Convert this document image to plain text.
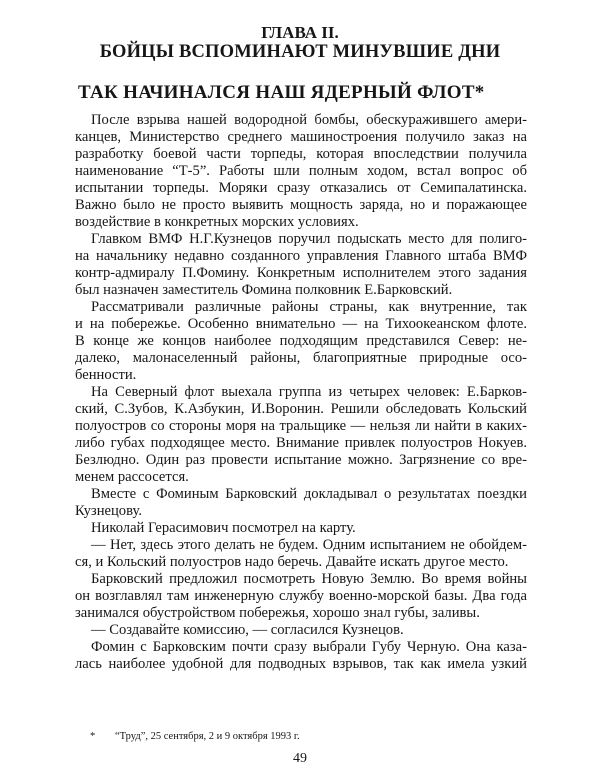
ГЛАВА II.
БОЙЦЫ ВСПОМИНАЮТ МИНУВШИЕ ДНИ
ТАК НАЧИНАЛСЯ НАШ ЯДЕРНЫЙ ФЛОТ*
После взрыва нашей водородной бомбы, обескуражившего амери-
канцев, Министерство среднего машиностроения получило заказ на
разработку боевой части торпеды, которая впоследствии получила
наименование “Т-5”. Работы шли полным ходом, встал вопрос об
испытании торпеды. Моряки сразу отказались от Семипалатинска.
Важно было не просто выявить мощность заряда, но и поражающее
воздействие в конкретных морских условиях.
Главком ВМФ Н.Г.Кузнецов поручил подыскать место для полиго-
на начальнику недавно созданного управления Главного штаба ВМФ
контр-адмиралу П.Фомину. Конкретным исполнителем этого задания
был назначен заместитель Фомина полковник Е.Барковский.
Рассматривали различные районы страны, как внутренние, так
и на побережье. Особенно внимательно — на Тихоокеанском флоте.
В конце же концов наиболее подходящим представился Север: не-
далеко, малонаселенный районы, благоприятные природные осо-
бенности.
На Северный флот выехала группа из четырех человек: Е.Барков-
ский, С.Зубов, К.Азбукин, И.Воронин. Решили обследовать Кольский
полуостров со стороны моря на тральщике — нельзя ли найти в каких-
либо губах подходящее место. Внимание привлек полуостров Нокуев.
Безлюдно. Один раз провести испытание можно. Загрязнение со вре-
менем рассосется.
Вместе с Фоминым Барковский докладывал о результатах поездки
Кузнецову.
Николай Герасимович посмотрел на карту.
— Нет, здесь этого делать не будем. Одним испытанием не обойдем-
ся, и Кольский полуостров надо беречь. Давайте искать другое место.
Барковский предложил посмотреть Новую Землю. Во время войны
он возглавлял там инженерную службу военно-морской базы. Два года
занимался обустройством побережья, хорошо знал губы, заливы.
— Создавайте комиссию, — согласился Кузнецов.
Фомин с Барковским почти сразу выбрали Губу Черную. Она каза-
лась наиболее удобной для подводных взрывов, так как имела узкий
* “Труд”, 25 сентября, 2 и 9 октября 1993 г.
49
